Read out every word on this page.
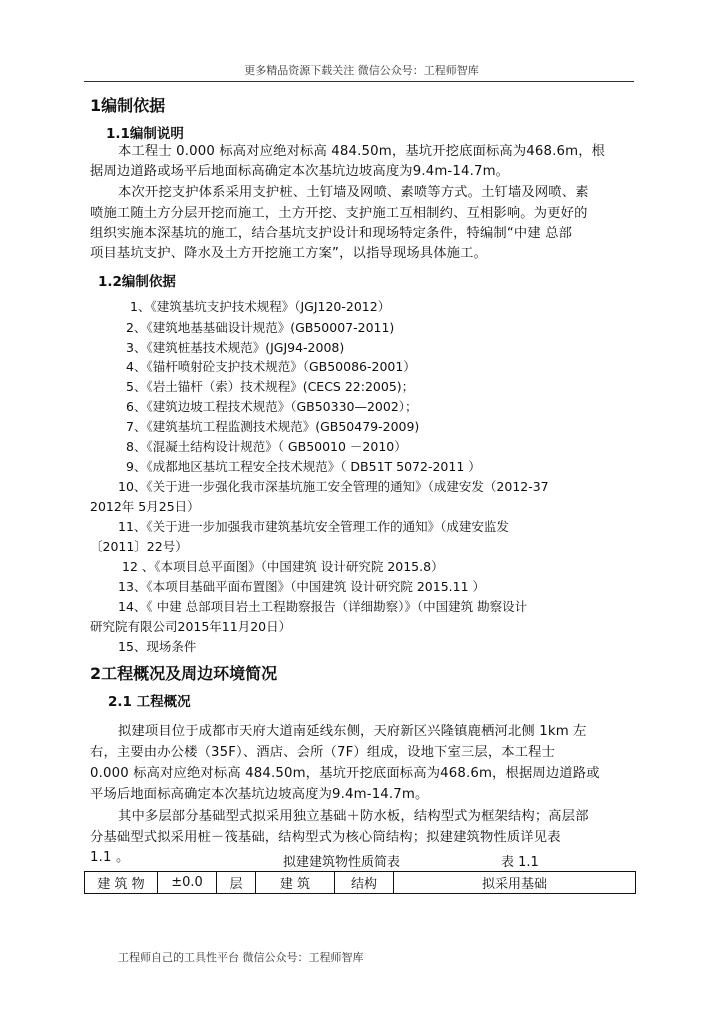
更多精品资源下载关注 微信公众号：工程师智库
1编制依据
1.1编制说明
本工程士 0.000 标高对应绝对标高 484.50m，基坑开挖底面标高为468.6m，根
据周边道路或场平后地面标高确定本次基坑边坡高度为9.4m-14.7m。
本次开挖支护体系采用支护桩、土钉墙及网喷、素喷等方式。土钉墙及网喷、素
喷施工随土方分层开挖而施工，土方开挖、支护施工互相制约、互相影响。为更好的
组织实施本深基坑的施工，结合基坑支护设计和现场特定条件，特编制“中建 总部
项目基坑支护、降水及土方开挖施工方案”，以指导现场具体施工。
1.2编制依据
1、《建筑基坑支护技术规程》（JGJ120-2012）
2、《建筑地基基础设计规范》(GB50007-2011)
3、《建筑桩基技术规范》(JGJ94-2008)
4、《锚杆喷射砼支护技术规范》（GB50086-2001）
5、《岩土锚杆（索）技术规程》(CECS 22:2005)；
6、《建筑边坡工程技术规范》（GB50330—2002）；
7、《建筑基坑工程监测技术规范》(GB50479-2009)
8、《混凝土结构设计规范》（ GB50010 －2010）
9、《成都地区基坑工程安全技术规范》（ DB51T 5072-2011 ）
10、《关于进一步强化我市深基坑施工安全管理的通知》（成建安发（2012-37
2012年 5月25日）
11、《关于进一步加强我市建筑基坑安全管理工作的通知》（成建安监发
〔2011〕22号）
12 、《本项目总平面图》（中国建筑 设计研究院 2015.8）
13、《本项目基础平面布置图》（中国建筑 设计研究院 2015.11 ）
14、《 中建 总部项目岩土工程勘察报告（详细勘察）》（中国建筑 勘察设计
研究院有限公司2015年11月20日）
15、现场条件
2工程概况及周边环境简况
2.1 工程概况
拟建项目位于成都市天府大道南延线东侧，天府新区兴隆镇鹿栖河北侧 1km 左
右，主要由办公楼（35F）、酒店、会所（7F）组成，设地下室三层，本工程士
0.000 标高对应绝对标高 484.50m，基坑开挖底面标高为468.6m，根据周边道路或
平场后地面标高确定本次基坑边坡高度为9.4m-14.7m。
其中多层部分基础型式拟采用独立基础＋防水板，结构型式为框架结构；高层部
分基础型式拟采用桩－筏基础，结构型式为核心筒结构；拟建建筑物性质详见表
1.1 。	拟建建筑物性质简表	表 1.1
建 筑 物	±0.0	层	建 筑	结构	拟采用基础
工程师自己的工具性平台 微信公众号：工程师智库
